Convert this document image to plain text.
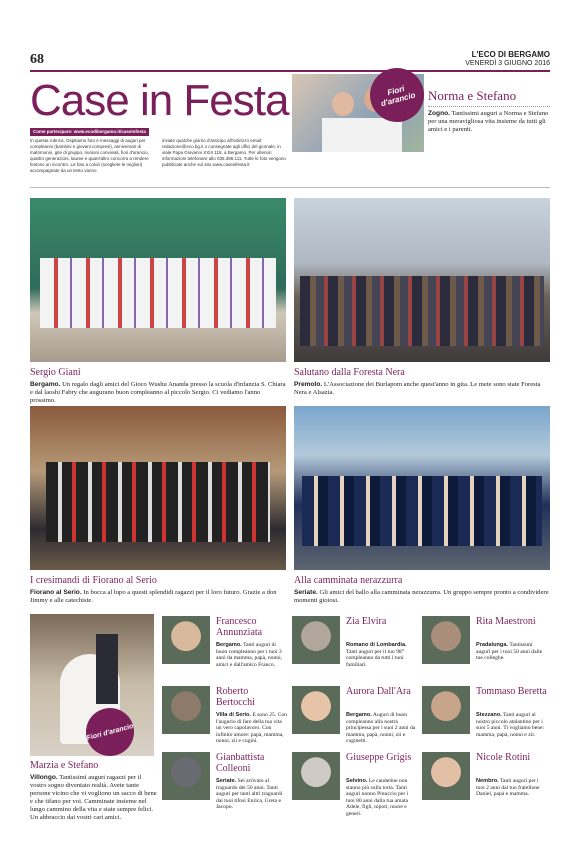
68	L'ECO DI BERGAMO
VENERDÌ 3 GIUGNO 2016
Case in Festa
Come partecipare: www.ecodibergamo.it/caseinfesta
In questa rubrica, Ospitiamo foto e messaggi di auguri per compleanni (bambini e giovani compresi), anniversari di matrimonio, gite di gruppo, riunioni conviviali, fiori d'arancio, quattro generazioni, lauree e quant'altro concorra a rendere festoso un incontro. Le foto a colori (scegliete le migliori) accompagnate da un testo vanno
inviate qualche giorno d'anticipo all'indirizzo email: redazione@eco.bg.it o consegnate agli uffici del giornale, in viale Papa Giovanni XXIII 118, a Bergamo. Per ulteriori informazioni telefonare allo 035.386.111. Tutte le foto vengono pubblicate anche sul sito www.caseinfesta.it
Fiori d'arancio Norma e Stefano
Zogno. Tantissimi auguri a Norma e Stefano per una meravigliosa vita insieme da tutti gli amici e i parenti.
Sergio Giani
Bergamo. Un regalo dagli amici del Gioco Wushu Ananda presso la scuola d'infanzia S. Chiara e dal laoshi Fabry che augurano buon compleanno al piccolo Sergio. Ci vediamo l'anno prossimo.
Salutano dalla Foresta Nera
Premolo. L'Associazione dei Burlapom anche quest'anno in gita. Le mete sono state Foresta Nera e Alsazia.
I cresimandi di Fiorano al Serio
Fiorano al Serio. In bocca al lupo a questi splendidi ragazzi per il loro futuro. Grazie a don Jimmy e alle catechiste.
Alla camminata nerazzurra
Seriate. Gli amici del ballo alla camminata nerazzurra. Un gruppo sempre pronto a condividere momenti gioiosi.
Fiori d'arancio
Marzia e Stefano
Villongo. Tantissimi auguri ragazzi per il vostro sogno diventato realtà. Avete tante persone vicino che vi vogliono un sacco di bene e che tifano per voi. Camminate insieme nel lungo cammino della vita e state sempre felici. Un abbraccio dai vostri cari amici.
Francesco Annunziata
Bergamo. Tanti auguri di buon compleanno per i tuoi 3 anni da mamma, papà, nonni, amici e dall'amico Franco.
Roberto Bertocchi
Villa di Serio. E sono 25. Con l'augurio di fare della tua vita un vero capolavoro. Con infinito amore: papà, mamma, nonni, zii e cugini.
Gianbattista Colleoni
Seriate. Sei arrivato al traguardo dei 50 anni. Tanti auguri per tanti altri traguardi dai tuoi tifosi Enrica, Greta e Jacopo.
Zia Elvira
Romano di Lombardia. Tanti auguri per il tuo 98° compleanno da tutti i tuoi familiari.
Aurora Dall'Ara
Bergamo. Auguri di buon compleanno alla nostra principessa per i suoi 2 anni da mamma, papà, nonni, zii e cuginetti.
Giuseppe Grigis
Selvino. Le candeline non stanno più sulla torta. Tanti auguri nonno Pinuccio per i tuoi 80 anni dalla tua amata Adele, figli, nipoti, nuore e generi.
Rita Maestroni
Pradalunga. Tantissimi auguri per i tuoi 50 anni dalle tue colleghe.
Tommaso Beretta
Stezzano. Tanti auguri al nostro piccolo atalantino per i suoi 5 anni. Ti vogliamo bene: mamma, papà, nonni e zii.
Nicole Rotini
Nembro. Tanti auguri per i tuoi 2 anni dal tuo fratellone Daniel, papà e mamma.
